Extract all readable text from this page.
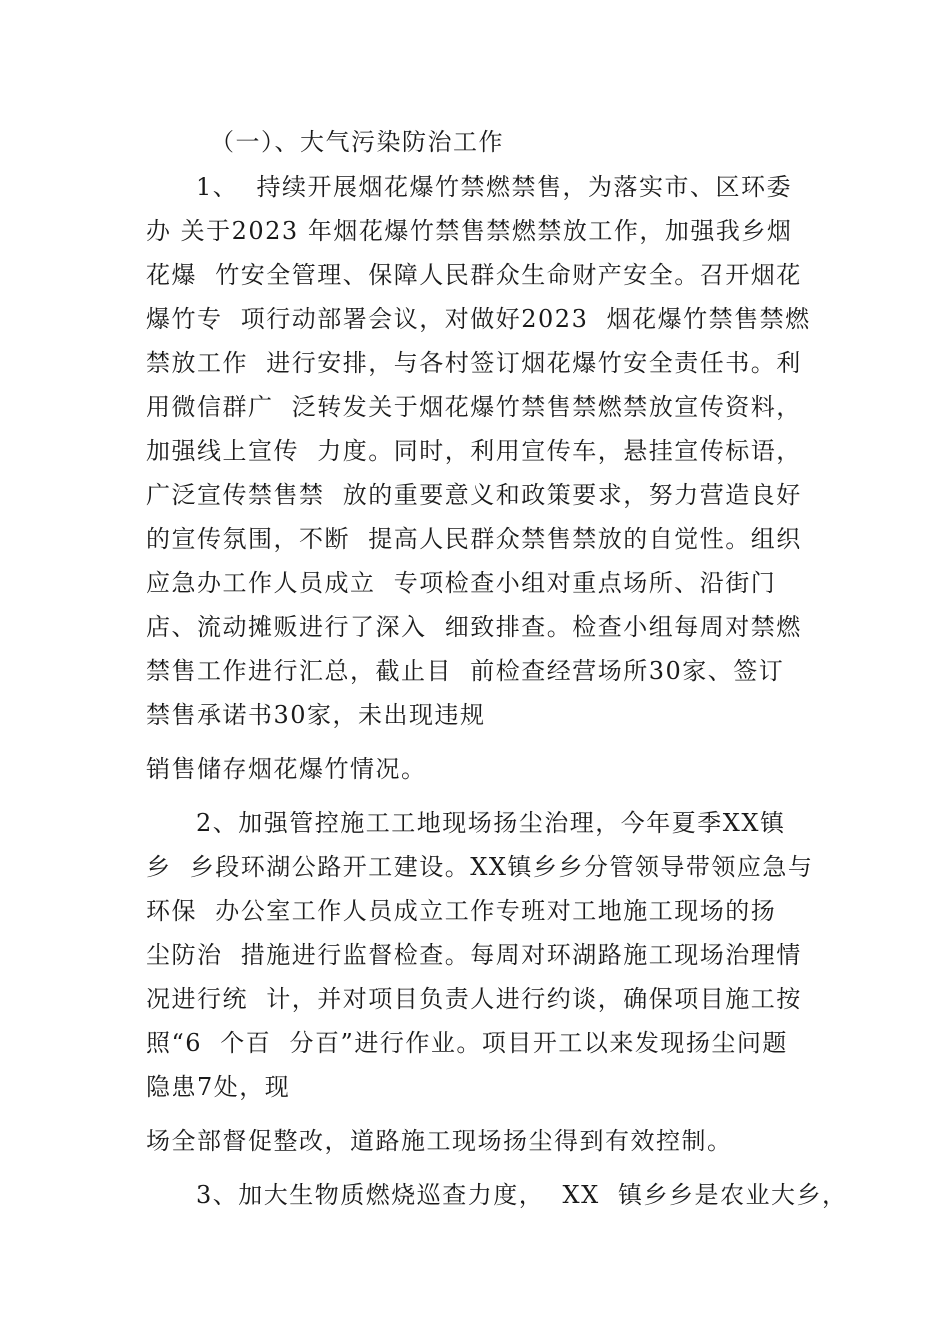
（一）、大气污染防治工作
1、  持续开展烟花爆竹禁燃禁售，为落实市、区环委
办 关于2023 年烟花爆竹禁售禁燃禁放工作，加强我乡烟
花爆  竹安全管理、保障人民群众生命财产安全。召开烟花
爆竹专  项行动部署会议，对做好2023  烟花爆竹禁售禁燃
禁放工作  进行安排，与各村签订烟花爆竹安全责任书。利
用微信群广  泛转发关于烟花爆竹禁售禁燃禁放宣传资料，
加强线上宣传  力度。同时，利用宣传车，悬挂宣传标语，
广泛宣传禁售禁  放的重要意义和政策要求，努力营造良好
的宣传氛围，不断  提高人民群众禁售禁放的自觉性。组织
应急办工作人员成立  专项检查小组对重点场所、沿街门
店、流动摊贩进行了深入  细致排查。检查小组每周对禁燃
禁售工作进行汇总，截止目  前检查经营场所30家、签订
禁售承诺书30家，未出现违规
销售储存烟花爆竹情况。
2、加强管控施工工地现场扬尘治理，今年夏季XX镇
乡  乡段环湖公路开工建设。XX镇乡乡分管领导带领应急与
环保  办公室工作人员成立工作专班对工地施工现场的扬
尘防治  措施进行监督检查。每周对环湖路施工现场治理情
况进行统  计，并对项目负责人进行约谈，确保项目施工按
照“6  个百  分百”进行作业。项目开工以来发现扬尘问题
隐患7处，现
场全部督促整改，道路施工现场扬尘得到有效控制。
3、加大生物质燃烧巡查力度，  XX  镇乡乡是农业大乡，
